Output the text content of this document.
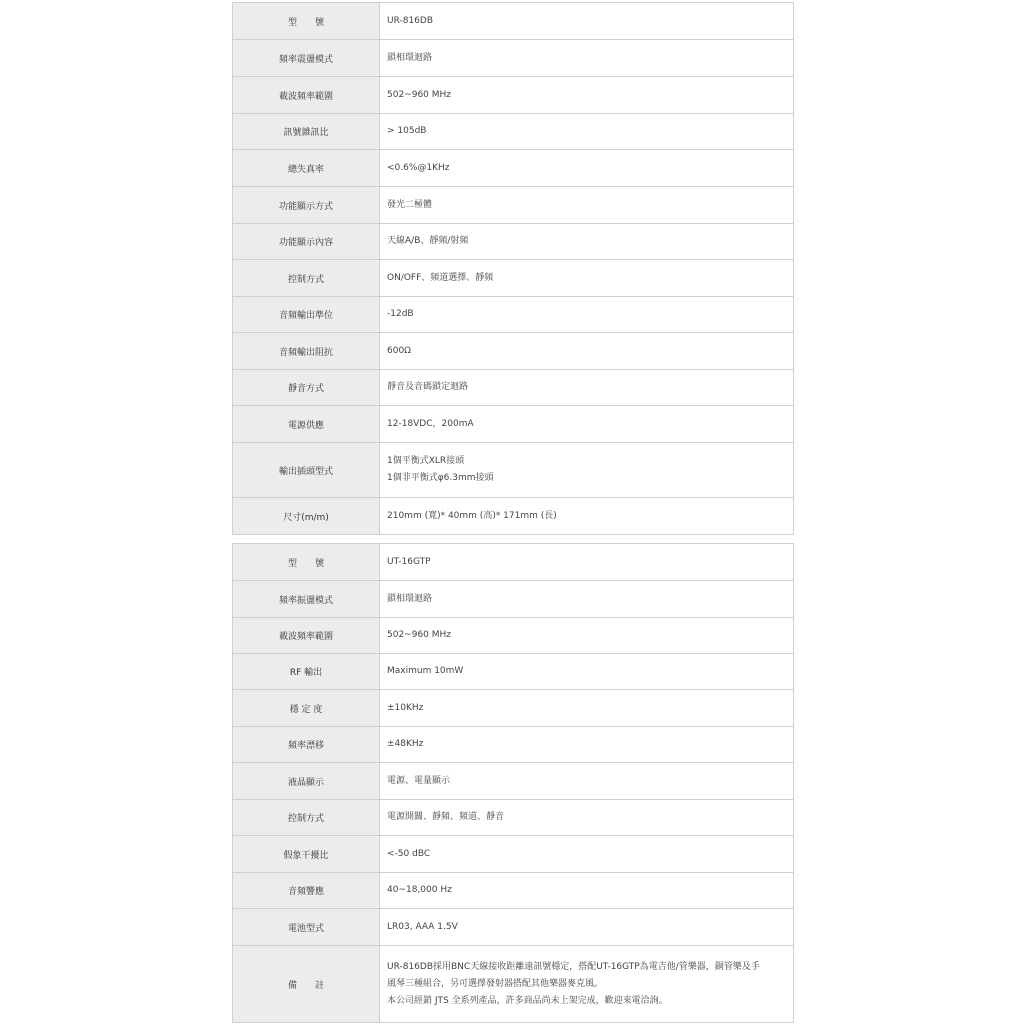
型　　號	UR-816DB

頻率震盪模式	鎖相環迴路

載波頻率範圍	502~960 MHz

訊號雜訊比	> 105dB

總失真率	<0.6%@1KHz

功能顯示方式	發光二極體

功能顯示內容	天線A/B、靜頻/射頻

控制方式	ON/OFF、頻道選擇、靜頻

音頻輸出準位	-12dB

音頻輸出阻抗	600Ω

靜音方式	靜音及音碼鎖定迴路

電源供應	12-18VDC，200mA

輸出插頭型式	1個平衡式XLR接頭
1個非平衡式φ6.3mm接頭

尺寸(m/m)	210mm (寬)* 40mm (高)* 171mm (長)
型　　號	UT-16GTP

頻率振盪模式	鎖相環迴路

載波頻率範圍	502~960 MHz

RF 輸出	Maximum 10mW

穩 定 度	±10KHz

頻率漂移	±48KHz

液晶顯示	電源、電量顯示

控制方式	電源開關、靜頻、頻道、靜音

假象干擾比	<-50 dBC

音頻響應	40~18,000 Hz

電池型式	LR03, AAA 1.5V

備　　註	UR-816DB採用BNC天線接收距離遠訊號穩定，搭配UT-16GTP為電吉他/管樂器，銅管樂及手
風琴三種組合，另可選擇發射器搭配其他樂器麥克風。
本公司經銷 JTS 全系列產品，許多商品尚未上架完成，歡迎來電洽詢。
